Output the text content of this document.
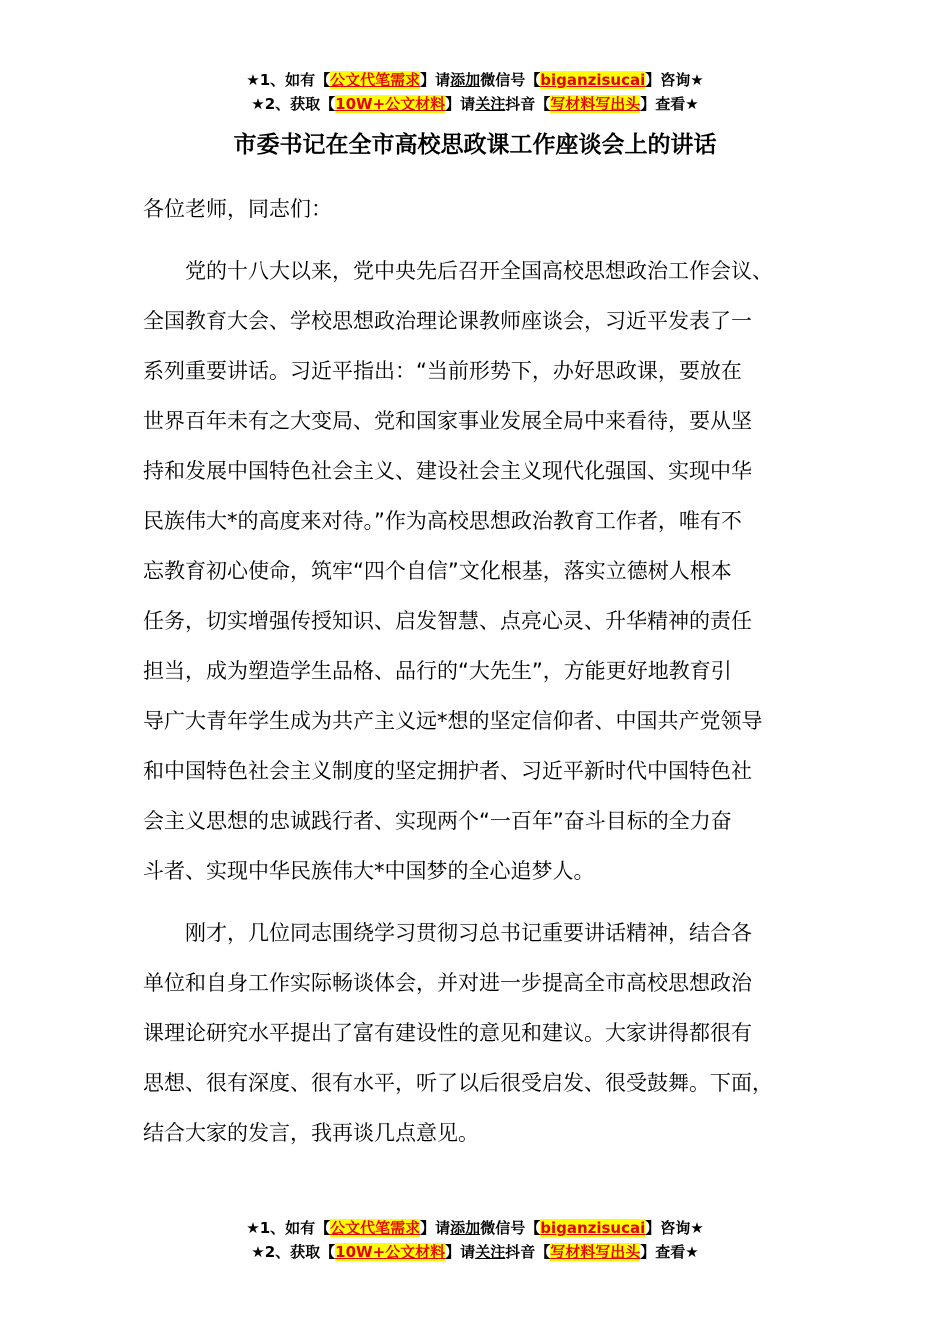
★1、如有【公文代笔需求】请添加微信号【biganzisucai】咨询★
★2、获取【10W+公文材料】请关注抖音【写材料写出头】查看★
市委书记在全市高校思政课工作座谈会上的讲话
各位老师，同志们：
党的十八大以来，党中央先后召开全国高校思想政治工作会议、
全国教育大会、学校思想政治理论课教师座谈会，习近平发表了一
系列重要讲话。习近平指出：“当前形势下，办好思政课，要放在
世界百年未有之大变局、党和国家事业发展全局中来看待，要从坚
持和发展中国特色社会主义、建设社会主义现代化强国、实现中华
民族伟大*的高度来对待。”作为高校思想政治教育工作者，唯有不
忘教育初心使命，筑牢“四个自信”文化根基，落实立德树人根本
任务，切实增强传授知识、启发智慧、点亮心灵、升华精神的责任
担当，成为塑造学生品格、品行的“大先生”，方能更好地教育引
导广大青年学生成为共产主义远*想的坚定信仰者、中国共产党领导
和中国特色社会主义制度的坚定拥护者、习近平新时代中国特色社
会主义思想的忠诚践行者、实现两个“一百年”奋斗目标的全力奋
斗者、实现中华民族伟大*中国梦的全心追梦人。
刚才，几位同志围绕学习贯彻习总书记重要讲话精神，结合各
单位和自身工作实际畅谈体会，并对进一步提高全市高校思想政治
课理论研究水平提出了富有建设性的意见和建议。大家讲得都很有
思想、很有深度、很有水平，听了以后很受启发、很受鼓舞。下面，
结合大家的发言，我再谈几点意见。
★1、如有【公文代笔需求】请添加微信号【biganzisucai】咨询★
★2、获取【10W+公文材料】请关注抖音【写材料写出头】查看★
